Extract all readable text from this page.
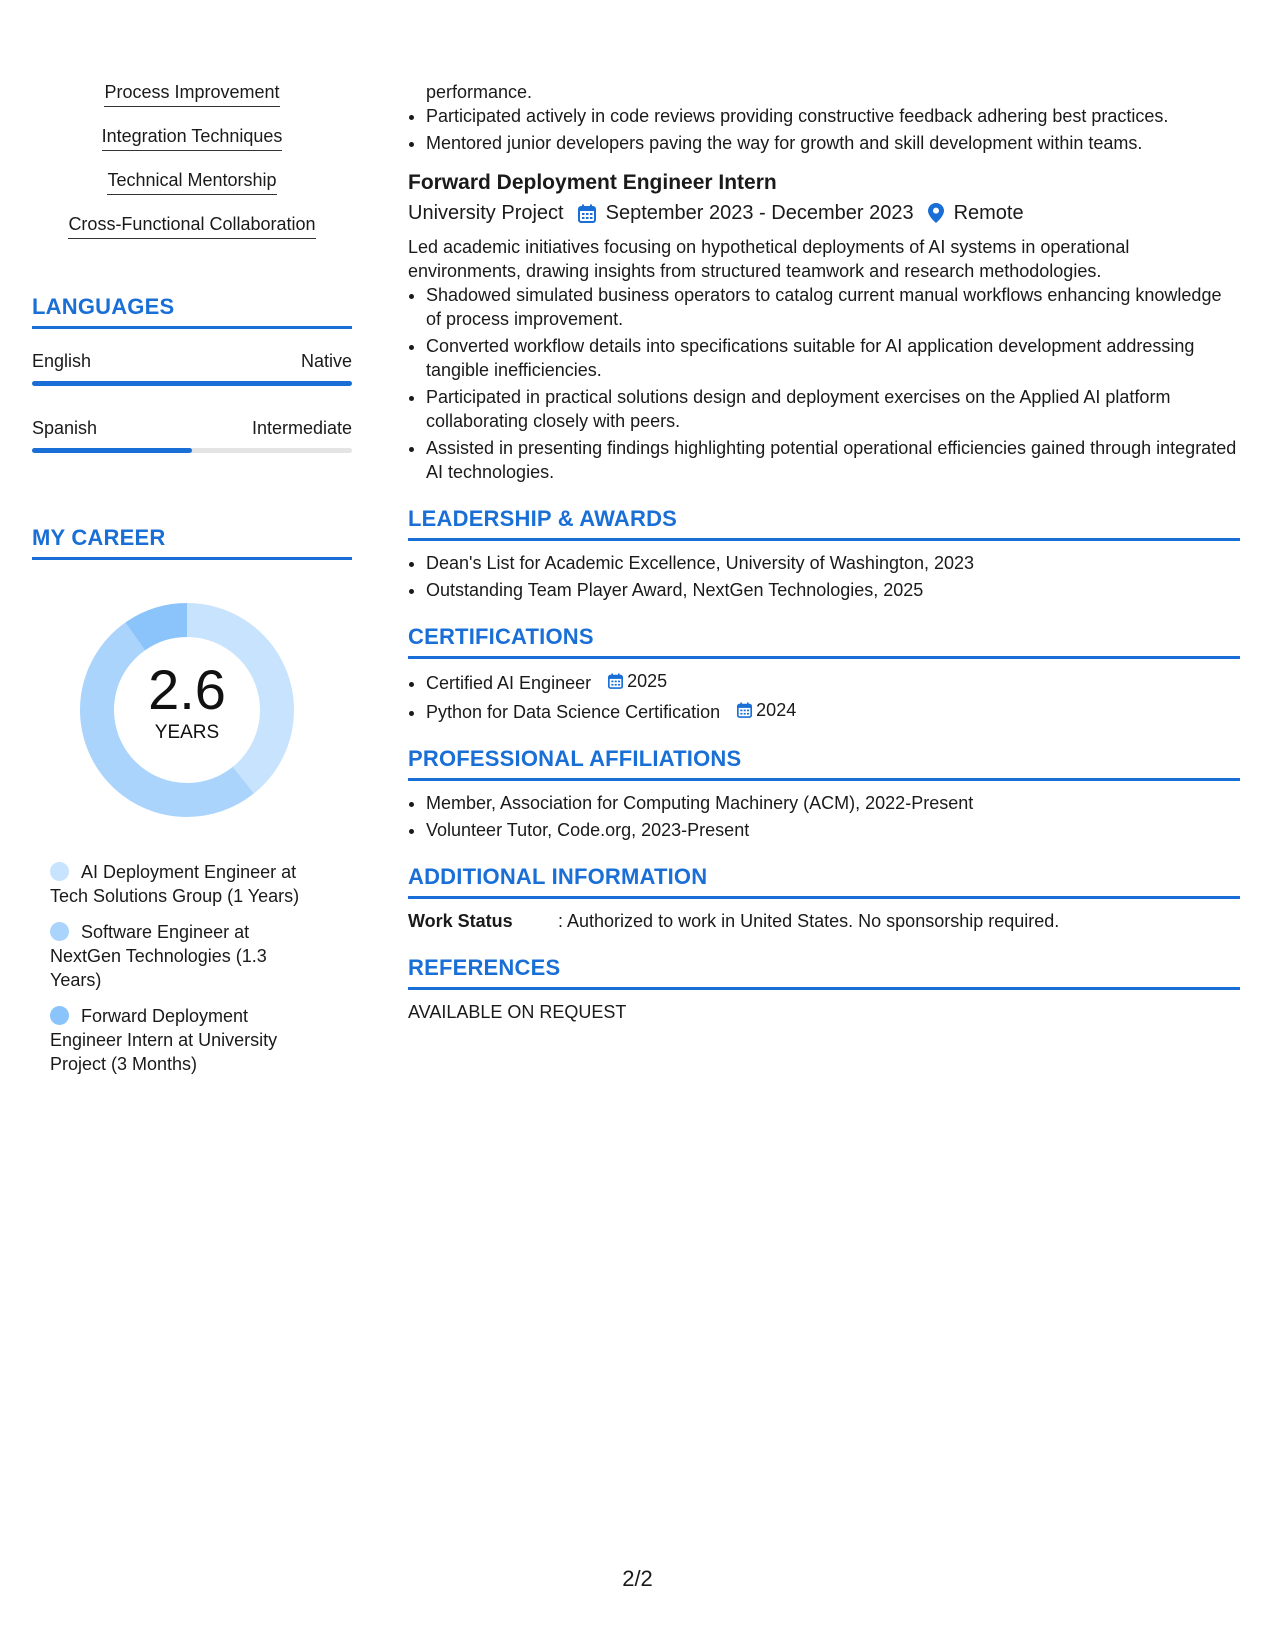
Process Improvement
Integration Techniques
Technical Mentorship
Cross-Functional Collaboration
LANGUAGES
English	Native
Spanish	Intermediate
MY CAREER
2.6
YEARS
AI Deployment Engineer at Tech Solutions Group (1 Years)
Software Engineer at NextGen Technologies (1.3 Years)
Forward Deployment Engineer Intern at University Project (3 Months)
performance.
• Participated actively in code reviews providing constructive feedback adhering best practices.
• Mentored junior developers paving the way for growth and skill development within teams.
Forward Deployment Engineer Intern
University Project September 2023 - December 2023 Remote
Led academic initiatives focusing on hypothetical deployments of AI systems in operational environments, drawing insights from structured teamwork and research methodologies.
• Shadowed simulated business operators to catalog current manual workflows enhancing knowledge of process improvement.
• Converted workflow details into specifications suitable for AI application development addressing tangible inefficiencies.
• Participated in practical solutions design and deployment exercises on the Applied AI platform collaborating closely with peers.
• Assisted in presenting findings highlighting potential operational efficiencies gained through integrated AI technologies.
LEADERSHIP & AWARDS
• Dean's List for Academic Excellence, University of Washington, 2023
• Outstanding Team Player Award, NextGen Technologies, 2025
CERTIFICATIONS
• Certified AI Engineer 2025
• Python for Data Science Certification 2024
PROFESSIONAL AFFILIATIONS
• Member, Association for Computing Machinery (ACM), 2022-Present
• Volunteer Tutor, Code.org, 2023-Present
ADDITIONAL INFORMATION
Work Status	: Authorized to work in United States. No sponsorship required.
REFERENCES
AVAILABLE ON REQUEST
2/2
